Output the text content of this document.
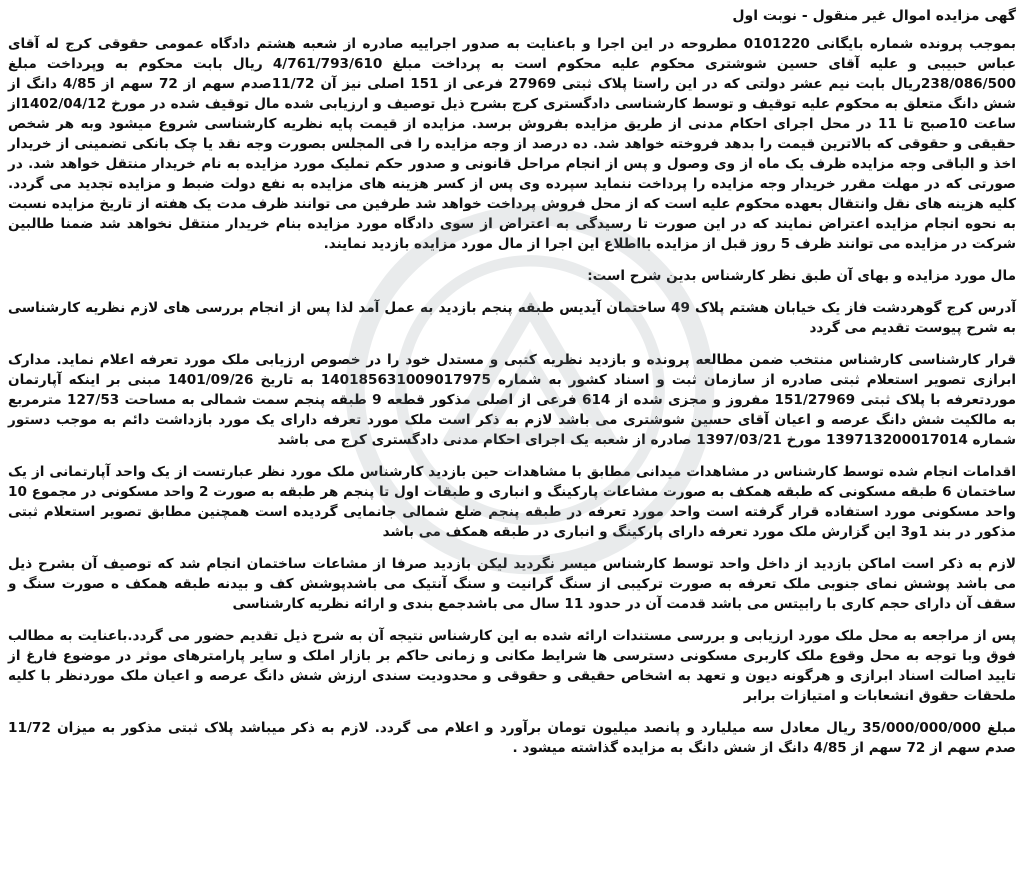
گهی مزایده اموال غیر منقول - نوبت اول

بموجب پرونده شماره بایگانی 0101220 مطروحه در این اجرا و باعنایت به صدور اجراییه صادره از شعبه هشتم دادگاه عمومی حقوقی کرج له آقای عباس حبیبی و علیه آقای حسین شوشتری محکوم علیه محکوم است به پرداخت مبلغ 4/761/793/610 ریال بابت محکوم به وپرداخت مبلغ 238/086/500ریال بابت نیم عشر دولتی که در این راستا پلاک ثبتی 27969 فرعی از 151 اصلی نیز آن 11/72صدم سهم از 72 سهم از 4/85 دانگ از شش دانگ متعلق به محکوم علیه توقیف و توسط کارشناسی دادگستری کرج بشرح ذیل توصیف و ارزیابی شده مال توقیف شده در مورخ 1402/04/12از ساعت 10صبح تا 11 در محل اجرای احکام مدنی از طریق مزایده بفروش برسد. مزایده از قیمت پایه نظریه کارشناسی شروع میشود وبه هر شخص حقیقی و حقوقی که بالاترین قیمت را بدهد فروخته خواهد شد. ده درصد از وجه مزایده را فی المجلس بصورت وجه نقد یا چک بانکی تضمینی از خریدار اخذ و الباقی وجه مزایده ظرف یک ماه از وی وصول و پس از انجام مراحل قانونی و صدور حکم تملیک مورد مزایده به نام خریدار منتقل خواهد شد. در صورتی که در مهلت مقرر خریدار وجه مزایده را پرداخت ننماید سپرده وی پس از کسر هزینه های مزایده به نفع دولت ضبط و مزایده تجدید می گردد. کلیه هزینه های نقل وانتقال بعهده محکوم علیه است که از محل فروش پرداخت خواهد شد طرفین می توانند ظرف مدت یک هفته از تاریخ مزایده نسبت به نحوه انجام مزایده اعتراض نمایند که در این صورت تا رسیدگی به اعتراض از سوی دادگاه مورد مزایده بنام خریدار منتقل نخواهد شد ضمنا طالبین شرکت در مزایده می توانند ظرف 5 روز قبل از مزایده بااطلاع این اجرا از مال مورد مزایده بازدید نمایند.

مال مورد مزایده و بهای آن طبق نظر کارشناس بدین شرح است:

آدرس کرج گوهردشت فاز یک خیابان هشتم پلاک 49 ساختمان آیدیس طبقه پنجم بازدید به عمل آمد لذا پس از انجام بررسی های لازم نظریه کارشناسی به شرح پیوست تقدیم می گردد

قرار کارشناسی کارشناس منتخب ضمن مطالعه پرونده و بازدید نظریه کتبی و مستدل خود را در خصوص ارزیابی ملک مورد تعرفه اعلام نماید. مدارک ابرازی تصویر استعلام ثبتی صادره از سازمان ثبت و اسناد کشور به شماره 140185631009017975 به تاریخ 1401/09/26 مبنی بر اینکه آپارتمان موردتعرفه با پلاک ثبتی 151/27969 مفروز و مجزی شده از 614 فرعی از اصلی مذکور قطعه 9 طبقه پنجم سمت شمالی به مساحت 127/53 مترمربع به مالکیت شش دانگ عرصه و اعیان آقای حسین شوشتری می باشد لازم به ذکر است ملک مورد تعرفه دارای یک مورد بازداشت دائم به موجب دستور شماره 139713200017014 مورخ 1397/03/21 صادره از شعبه یک اجرای احکام مدنی دادگستری کرج می باشد

اقدامات انجام شده توسط کارشناس در مشاهدات میدانی مطابق با مشاهدات حین بازدید کارشناس ملک مورد نظر عبارتست از یک واحد آپارتمانی از یک ساختمان 6 طبقه مسکونی که طبقه همکف به صورت مشاعات پارکینگ و انباری و طبقات اول تا پنجم هر طبقه به صورت 2 واحد مسکونی در مجموع 10 واحد مسکونی مورد استفاده قرار گرفته است واحد مورد تعرفه در طبقه پنجم ضلع شمالی جانمایی گردیده است همچنین مطابق تصویر استعلام ثبتی مذکور در بند 1و3 این گزارش ملک مورد تعرفه دارای پارکینگ و انباری در طبقه همکف می باشد

لازم به ذکر است اماکن بازدید از داخل واحد توسط کارشناس میسر نگردید لیکن بازدید صرفا از مشاعات ساختمان انجام شد که توصیف آن بشرح ذیل می باشد پوشش نمای جنوبی ملک تعرفه به صورت ترکیبی از سنگ گرانیت و سنگ آنتیک می باشدپوشش کف و بیدنه طبقه همکف ه صورت سنگ و سقف آن دارای حجم کاری با رابیتس می باشد قدمت آن در حدود 11 سال می باشدجمع بندی و ارائه نظریه کارشناسی

پس از مراجعه به محل ملک مورد ارزیابی و بررسی مستندات ارائه شده به این کارشناس نتیجه آن به شرح ذیل تقدیم حضور می گردد.باعنایت به مطالب فوق وبا توجه به محل وقوع ملک کاربری مسکونی دسترسی ها شرایط مکانی و زمانی حاکم بر بازار املک و سایر پارامترهای موثر در موضوع فارغ از تایید اصالت اسناد ابرازی و هرگونه دیون و تعهد به اشخاص حقیقی و حقوقی و محدودیت سندی ارزش شش دانگ عرصه و اعیان ملک موردنظر با کلیه ملحقات حقوق انشعابات و امتیازات برابر

مبلغ 35/000/000/000 ریال معادل سه میلیارد و پانصد میلیون تومان برآورد و اعلام می گردد. لازم به ذکر میباشد پلاک ثبتی مذکور به میزان 11/72 صدم سهم از 72 سهم از 4/85 دانگ از شش دانگ به مزایده گذاشته میشود .
